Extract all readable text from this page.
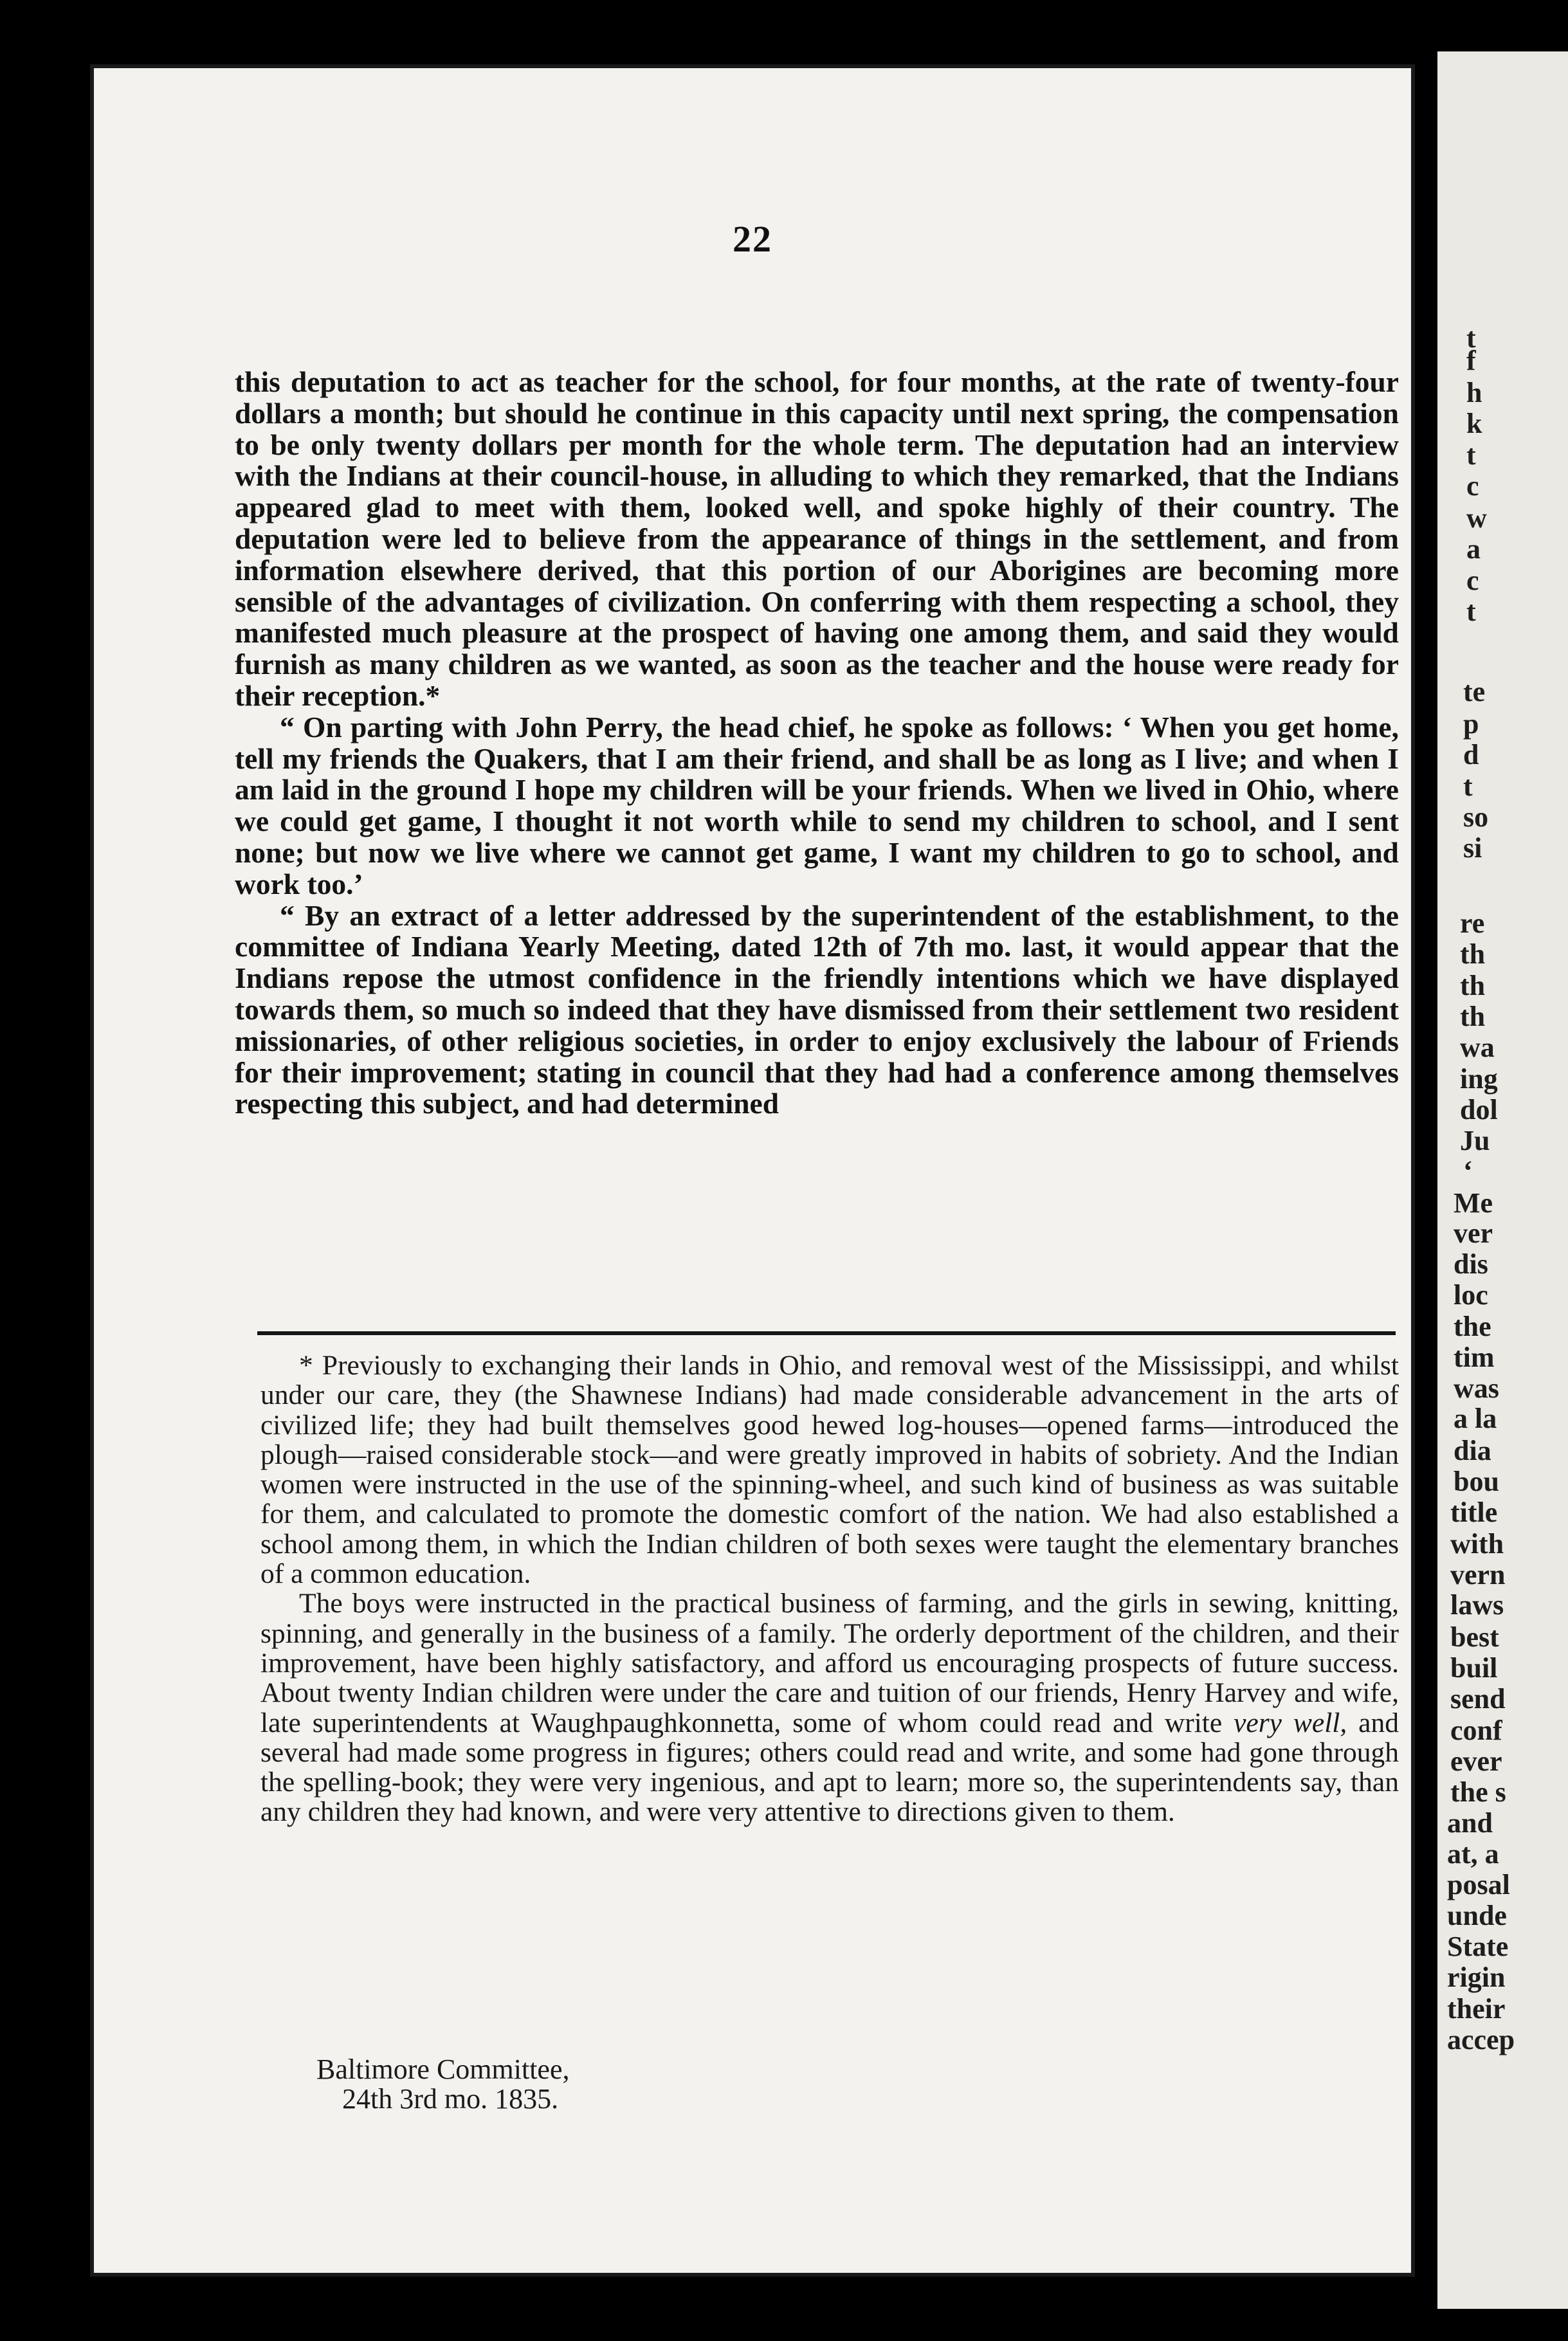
22

this deputation to act as teacher for the school, for four months, at the rate of twenty-four dollars a month; but should he continue in this capacity until next spring, the compensation to be only twenty dollars per month for the whole term. The deputation had an interview with the Indians at their council-house, in alluding to which they remarked, that the Indians appeared glad to meet with them, looked well, and spoke highly of their country. The deputation were led to believe from the appearance of things in the settlement, and from information elsewhere derived, that this portion of our Aborigines are becoming more sensible of the advantages of civilization. On conferring with them respecting a school, they manifested much pleasure at the prospect of having one among them, and said they would furnish as many children as we wanted, as soon as the teacher and the house were ready for their reception.*

“ On parting with John Perry, the head chief, he spoke as follows: ‘ When you get home, tell my friends the Quakers, that I am their friend, and shall be as long as I live; and when I am laid in the ground I hope my children will be your friends. When we lived in Ohio, where we could get game, I thought it not worth while to send my children to school, and I sent none; but now we live where we cannot get game, I want my children to go to school, and work too.’

“ By an extract of a letter addressed by the superintendent of the establishment, to the committee of Indiana Yearly Meeting, dated 12th of 7th mo. last, it would appear that the Indians repose the utmost confidence in the friendly intentions which we have displayed towards them, so much so indeed that they have dismissed from their settlement two resident missionaries, of other religious societies, in order to enjoy exclusively the labour of Friends for their improvement; stating in council that they had had a conference among themselves respecting this subject, and had determined

* Previously to exchanging their lands in Ohio, and removal west of the Mississippi, and whilst under our care, they (the Shawnese Indians) had made considerable advancement in the arts of civilized life; they had built themselves good hewed log-houses—opened farms—introduced the plough—raised considerable stock—and were greatly improved in habits of sobriety. And the Indian women were instructed in the use of the spinning-wheel, and such kind of business as was suitable for them, and calculated to promote the domestic comfort of the nation. We had also established a school among them, in which the Indian children of both sexes were taught the elementary branches of a common education.

The boys were instructed in the practical business of farming, and the girls in sewing, knitting, spinning, and generally in the business of a family. The orderly deportment of the children, and their improvement, have been highly satisfactory, and afford us encouraging prospects of future success. About twenty Indian children were under the care and tuition of our friends, Henry Harvey and wife, late superintendents at Waughpaughkonnetta, some of whom could read and write very well, and several had made some progress in figures; others could read and write, and some had gone through the spelling-book; they were very ingenious, and apt to learn; more so, the superintendents say, than any children they had known, and were very attentive to directions given to them.

Baltimore Committee,
24th 3rd mo. 1835.
t
f
h
k
t
c
w
a
c
t
te
p
d
t
so
si
re
th
th
th
wa
ing
dol
Ju
‘
Me
ver
dis
loc
the
tim
was
a la
dia
bou
title
with
vern
laws
best
buil
send
conf
ever
the s
and
at, a
posal
unde
State
rigin
their
accep
